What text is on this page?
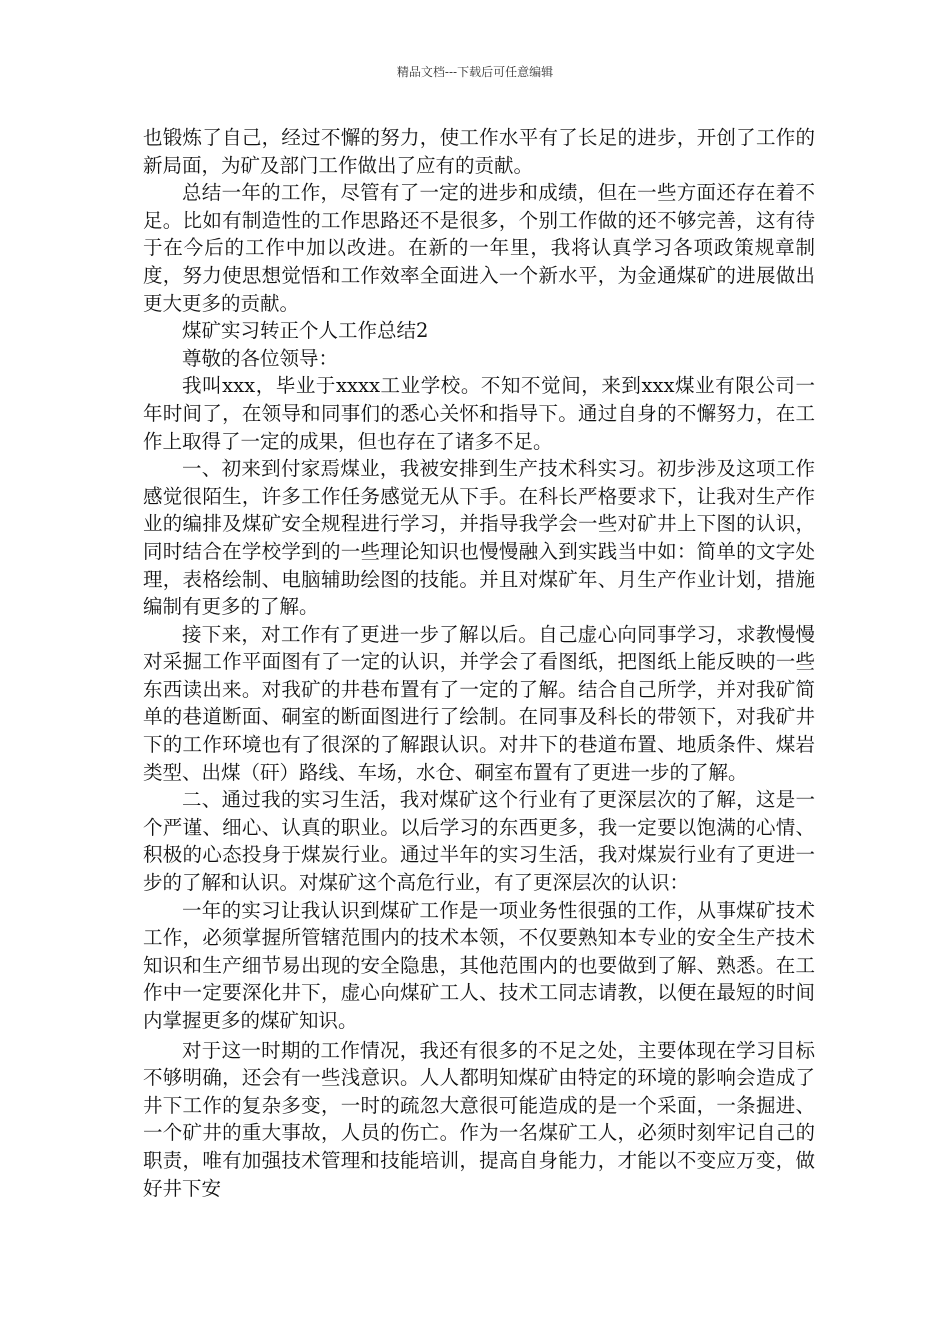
精品文档---下载后可任意编辑

也锻炼了自己，经过不懈的努力，使工作水平有了长足的进步，开创了工作的新局面，为矿及部门工作做出了应有的贡献。

总结一年的工作，尽管有了一定的进步和成绩，但在一些方面还存在着不足。比如有制造性的工作思路还不是很多，个别工作做的还不够完善，这有待于在今后的工作中加以改进。在新的一年里，我将认真学习各项政策规章制度，努力使思想觉悟和工作效率全面进入一个新水平，为金通煤矿的进展做出更大更多的贡献。

煤矿实习转正个人工作总结2

尊敬的各位领导：

我叫xxx，毕业于xxxx工业学校。不知不觉间，来到xxx煤业有限公司一年时间了，在领导和同事们的悉心关怀和指导下。通过自身的不懈努力，在工作上取得了一定的成果，但也存在了诸多不足。

一、初来到付家焉煤业，我被安排到生产技术科实习。初步涉及这项工作感觉很陌生，许多工作任务感觉无从下手。在科长严格要求下，让我对生产作业的编排及煤矿安全规程进行学习，并指导我学会一些对矿井上下图的认识，同时结合在学校学到的一些理论知识也慢慢融入到实践当中如：简单的文字处理，表格绘制、电脑辅助绘图的技能。并且对煤矿年、月生产作业计划，措施编制有更多的了解。

接下来，对工作有了更进一步了解以后。自己虚心向同事学习，求教慢慢对采掘工作平面图有了一定的认识，并学会了看图纸，把图纸上能反映的一些东西读出来。对我矿的井巷布置有了一定的了解。结合自己所学，并对我矿简单的巷道断面、硐室的断面图进行了绘制。在同事及科长的带领下，对我矿井下的工作环境也有了很深的了解跟认识。对井下的巷道布置、地质条件、煤岩类型、出煤（矸）路线、车场，水仓、硐室布置有了更进一步的了解。

二、通过我的实习生活，我对煤矿这个行业有了更深层次的了解，这是一个严谨、细心、认真的职业。以后学习的东西更多，我一定要以饱满的心情、积极的心态投身于煤炭行业。通过半年的实习生活，我对煤炭行业有了更进一步的了解和认识。对煤矿这个高危行业，有了更深层次的认识：

一年的实习让我认识到煤矿工作是一项业务性很强的工作，从事煤矿技术工作，必须掌握所管辖范围内的技术本领，不仅要熟知本专业的安全生产技术知识和生产细节易出现的安全隐患，其他范围内的也要做到了解、熟悉。在工作中一定要深化井下，虚心向煤矿工人、技术工同志请教，以便在最短的时间内掌握更多的煤矿知识。

对于这一时期的工作情况，我还有很多的不足之处，主要体现在学习目标不够明确，还会有一些浅意识。人人都明知煤矿由特定的环境的影响会造成了井下工作的复杂多变，一时的疏忽大意很可能造成的是一个采面，一条掘进、一个矿井的重大事故，人员的伤亡。作为一名煤矿工人，必须时刻牢记自己的职责，唯有加强技术管理和技能培训，提高自身能力，才能以不变应万变，做好井下安
